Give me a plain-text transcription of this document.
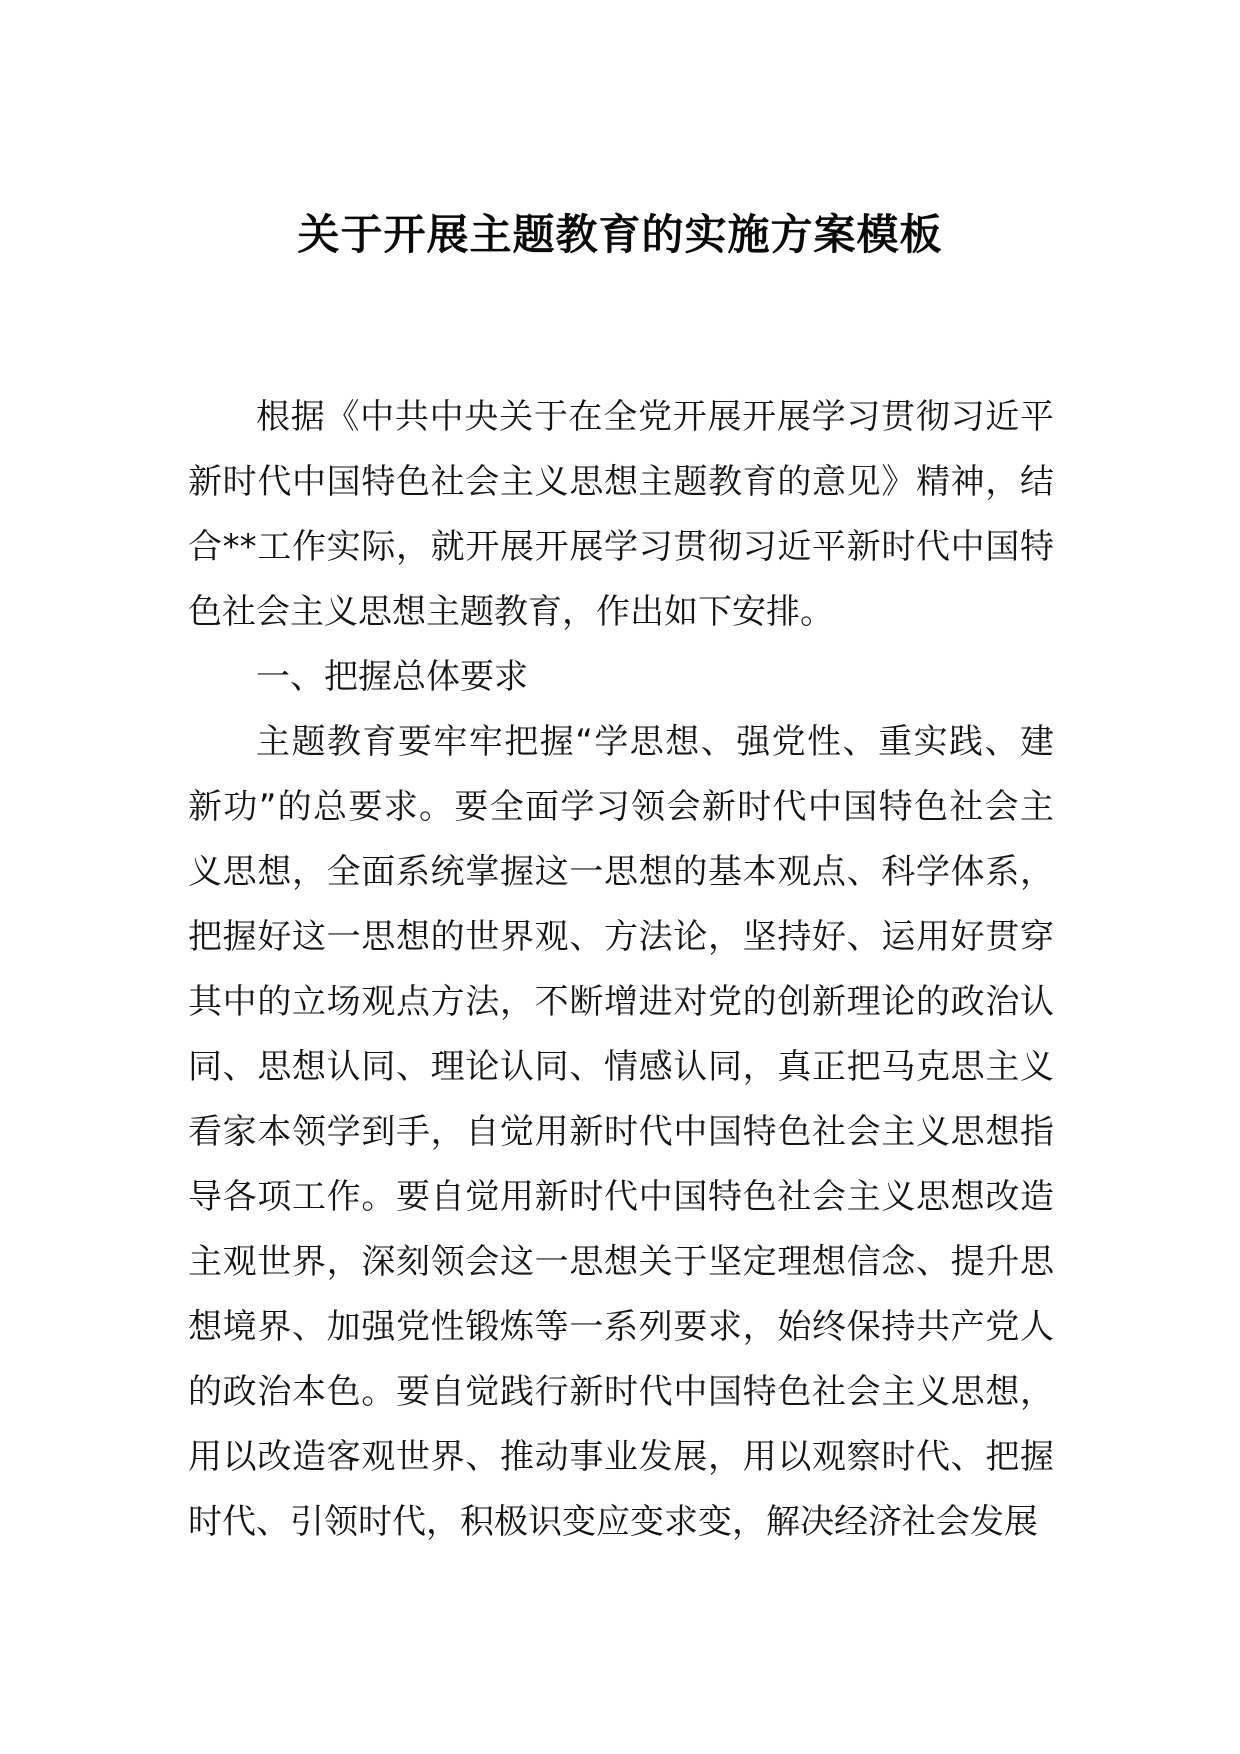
关于开展主题教育的实施方案模板

根据《中共中央关于在全党开展开展学习贯彻习近平新时代中国特色社会主义思想主题教育的意见》精神，结合**工作实际，就开展开展学习贯彻习近平新时代中国特色社会主义思想主题教育，作出如下安排。

一、把握总体要求

主题教育要牢牢把握“学思想、强党性、重实践、建新功”的总要求。要全面学习领会新时代中国特色社会主义思想，全面系统掌握这一思想的基本观点、科学体系，把握好这一思想的世界观、方法论，坚持好、运用好贯穿其中的立场观点方法，不断增进对党的创新理论的政治认同、思想认同、理论认同、情感认同，真正把马克思主义看家本领学到手，自觉用新时代中国特色社会主义思想指导各项工作。要自觉用新时代中国特色社会主义思想改造主观世界，深刻领会这一思想关于坚定理想信念、提升思想境界、加强党性锻炼等一系列要求，始终保持共产党人的政治本色。要自觉践行新时代中国特色社会主义思想，用以改造客观世界、推动事业发展，用以观察时代、把握时代、引领时代，积极识变应变求变，解决经济社会发展
